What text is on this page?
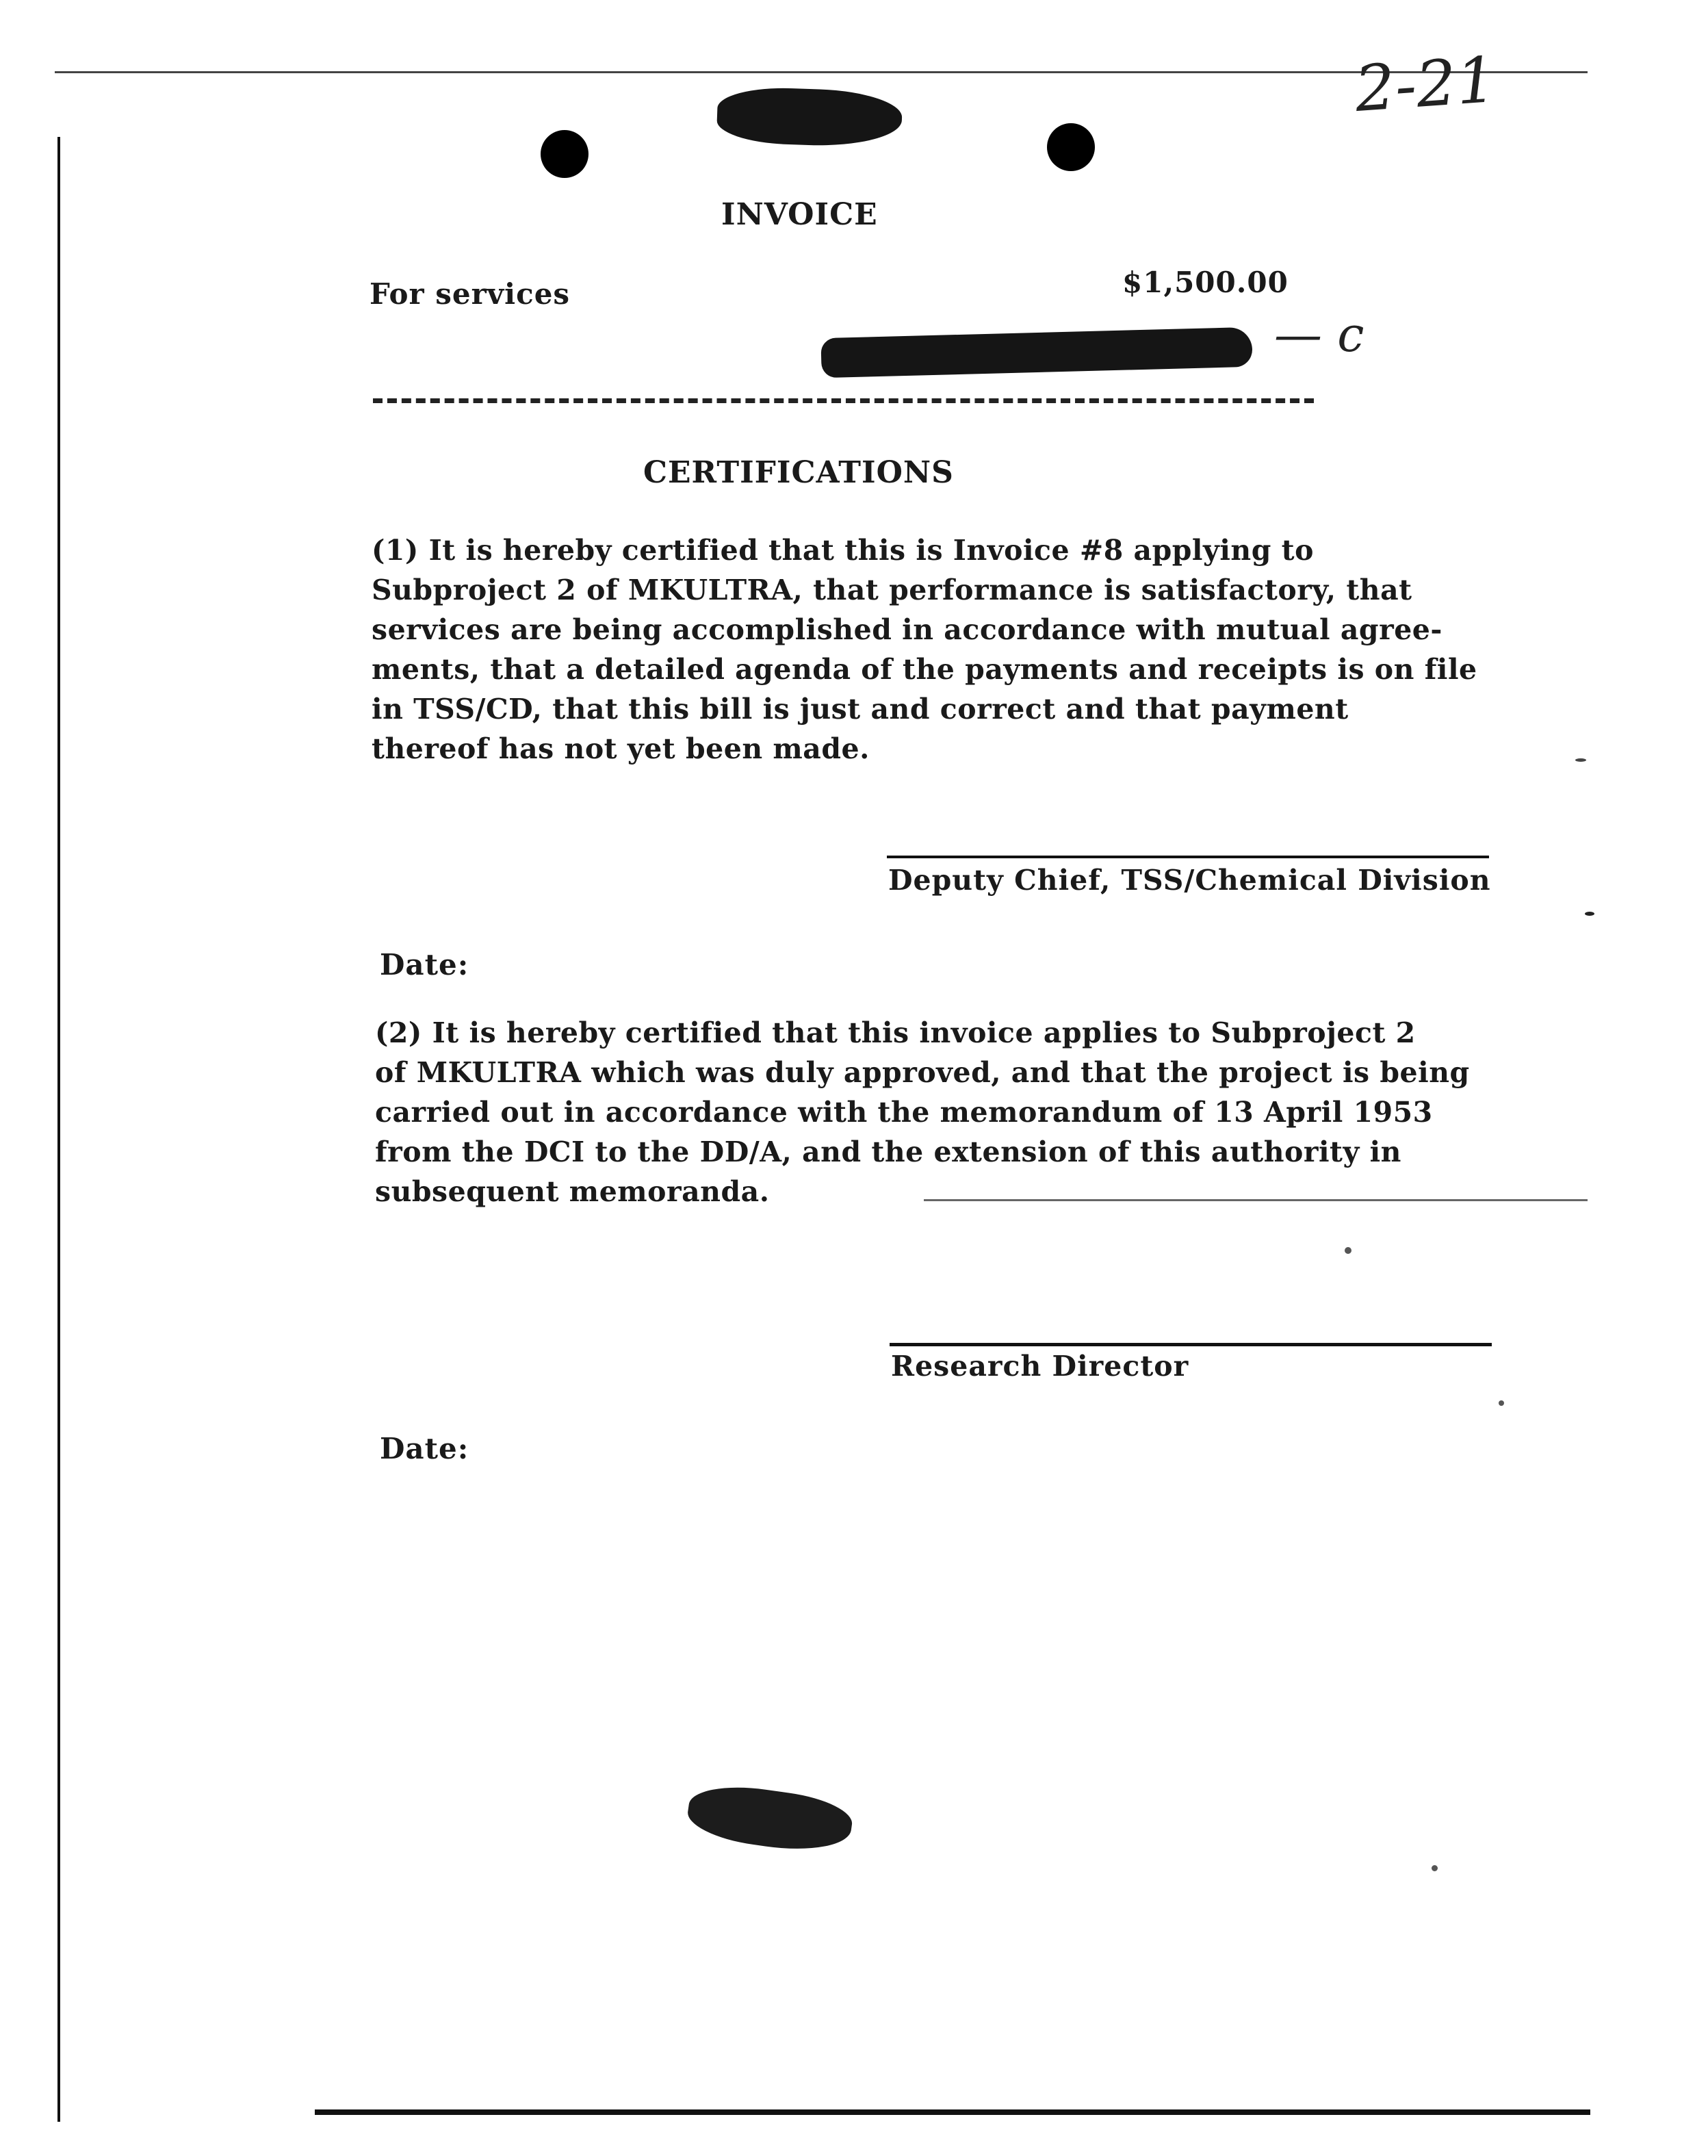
2-21
INVOICE
For services	$1,500.00
— c
CERTIFICATIONS
(1) It is hereby certified that this is Invoice #8 applying to
Subproject 2 of MKULTRA, that performance is satisfactory, that
services are being accomplished in accordance with mutual agree-
ments, that a detailed agenda of the payments and receipts is on file
in TSS/CD, that this bill is just and correct and that payment
thereof has not yet been made.
Deputy Chief, TSS/Chemical Division
Date:
(2) It is hereby certified that this invoice applies to Subproject 2
of MKULTRA which was duly approved, and that the project is being
carried out in accordance with the memorandum of 13 April 1953
from the DCI to the DD/A, and the extension of this authority in
subsequent memoranda.
Research Director
Date:
